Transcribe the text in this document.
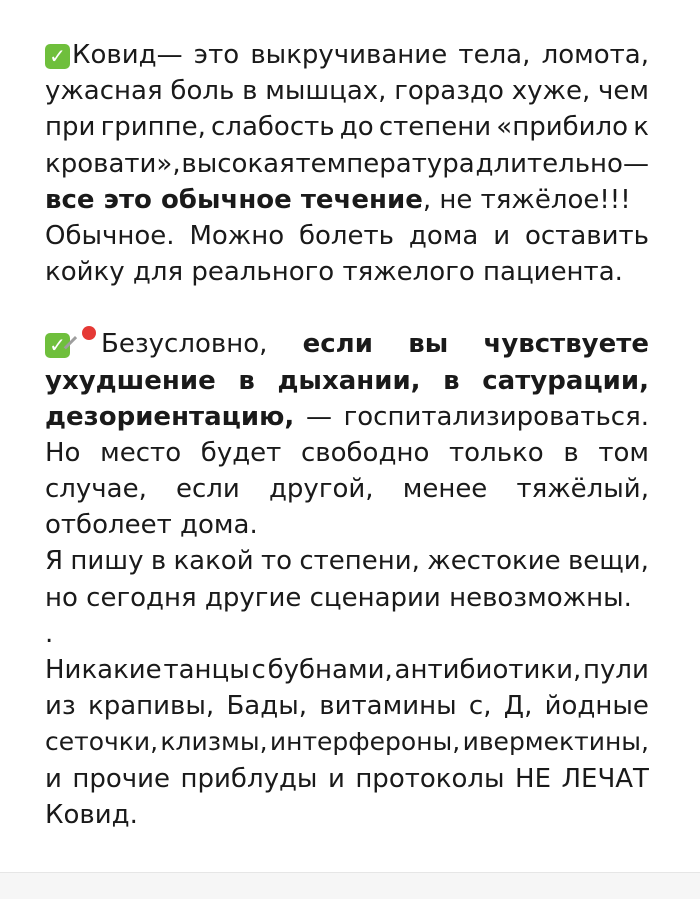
✓ Ковид— это выкручивание тела, ломота,
ужасная боль в мышцах, гораздо хуже, чем
при гриппе, слабость до степени «прибило к
кровати», высокая температура длительно—
все это обычное течение , не тяжёлое!!!
Обычное. Можно болеть дома и оставить
койку для реального тяжелого пациента.
✓ Безусловно, если вы чувствуете
ухудшение в дыхании, в сатурации,
дезориентацию, — госпитализироваться.
Но место будет свободно только в том
случае, если другой, менее тяжёлый,
отболеет дома.
Я пишу в какой то степени, жестокие вещи,
но сегодня другие сценарии невозможны.
.
Никакие танцы с бубнами, антибиотики, пули
из крапивы, Бады, витамины с, Д, йодные
сеточки, клизмы, интерфероны, ивермектины,
и прочие приблуды и протоколы НЕ ЛЕЧАТ
Ковид.
